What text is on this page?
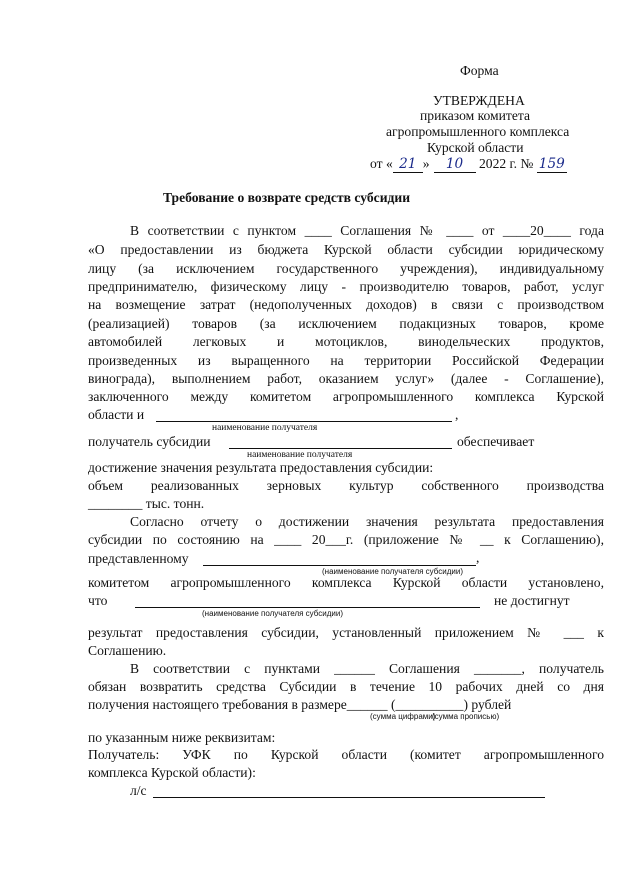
Форма
УТВЕРЖДЕНА
приказом комитета
агропромышленного комплекса
Курской области
от « 21 » 10 2022 г. № 159
Требование о возврате средств субсидии
В соответствии с пунктом ____ Соглашения № ____ от ____20____ года
«О предоставлении из бюджета Курской области субсидии юридическому
лицу (за исключением государственного учреждения), индивидуальному
предпринимателю, физическому лицу - производителю товаров, работ, услуг
на возмещение затрат (недополученных доходов) в связи с производством
(реализацией) товаров (за исключением подакцизных товаров, кроме
автомобилей легковых и мотоциклов, винодельческих продуктов,
произведенных из выращенного на территории Российской Федерации
винограда), выполнением работ, оказанием услуг» (далее - Соглашение),
заключенного между комитетом агропромышленного комплекса Курской
области и	,
наименование получателя
получатель субсидии	обеспечивает
наименование получателя
достижение значения результата предоставления субсидии:
объем реализованных зерновых культур собственного производства
________ тыс. тонн.
Согласно отчету о достижении значения результата предоставления
субсидии по состоянию на ____ 20___г. (приложение № __ к Соглашению),
представленному	,
(наименование получателя субсидии)
комитетом агропромышленного комплекса Курской области установлено,
что	не достигнут
(наименование получателя субсидии)
результат предоставления субсидии, установленный приложением № ___ к
Соглашению.
В соответствии с пунктами ______ Соглашения _______, получатель
обязан возвратить средства Субсидии в течение 10 рабочих дней со дня
получения настоящего требования в размере______ (__________) рублей
(сумма цифрами)
(сумма прописью)
по указанным ниже реквизитам:
Получатель: УФК по Курской области (комитет агропромышленного
комплекса Курской области):
л/с
